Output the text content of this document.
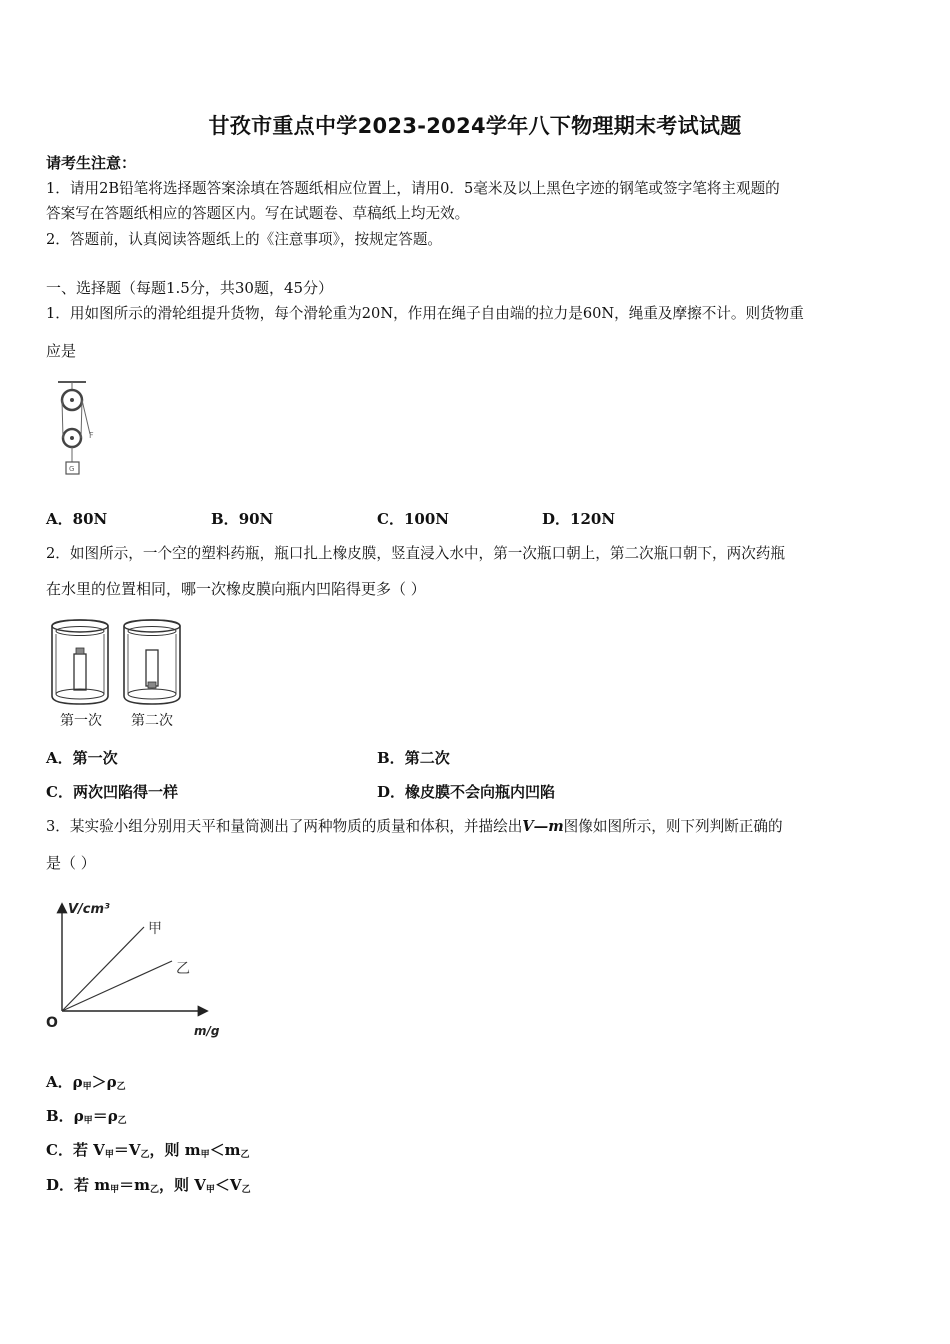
甘孜市重点中学2023-2024学年八下物理期末考试试题
请考生注意：
1．请用2B铅笔将选择题答案涂填在答题纸相应位置上，请用0．5毫米及以上黑色字迹的钢笔或签字笔将主观题的
答案写在答题纸相应的答题区内。写在试题卷、草稿纸上均无效。
2．答题前，认真阅读答题纸上的《注意事项》，按规定答题。
一、选择题（每题1.5分，共30题，45分）
1．用如图所示的滑轮组提升货物，每个滑轮重为20N，作用在绳子自由端的拉力是60N，绳重及摩擦不计。则货物重
应是
F
G
A．80N	B．90N	C．100N	D．120N
2．如图所示，一个空的塑料药瓶，瓶口扎上橡皮膜，竖直浸入水中，第一次瓶口朝上，第二次瓶口朝下，两次药瓶
在水里的位置相同，哪一次橡皮膜向瓶内凹陷得更多（ ）
第一次 第二次
A．第一次	B．第二次
C．两次凹陷得一样	D．橡皮膜不会向瓶内凹陷
3．某实验小组分别用天平和量筒测出了两种物质的质量和体积，并描绘出V—m图像如图所示，则下列判断正确的
是（ ）
V/cm³
m/g
O
甲
乙
A．$\rho_甲>\rho_乙$
B．$\rho_甲=\rho_乙$
C．若 $V_甲=V_乙$，则 $m_甲<m_乙$
D．若 $m_甲=m_乙$，则 $V_甲<V_乙$
